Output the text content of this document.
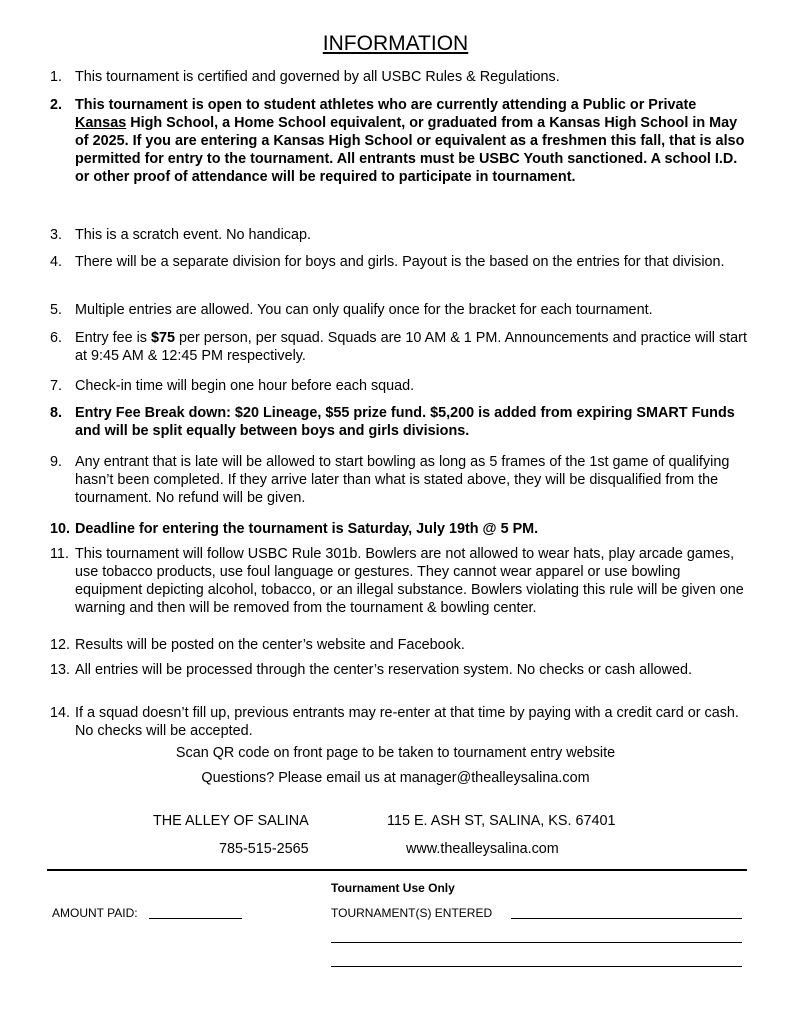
INFORMATION
1. This tournament is certified and governed by all USBC Rules & Regulations.
2. This tournament is open to student athletes who are currently attending a Public or Private Kansas High School, a Home School equivalent, or graduated from a Kansas High School in May of 2025. If you are entering a Kansas High School or equivalent as a freshmen this fall, that is also permitted for entry to the tournament. All entrants must be USBC Youth sanctioned. A school I.D. or other proof of attendance will be required to participate in tournament.
3. This is a scratch event. No handicap.
4. There will be a separate division for boys and girls. Payout is the based on the entries for that division.
5. Multiple entries are allowed. You can only qualify once for the bracket for each tournament.
6. Entry fee is $75 per person, per squad. Squads are 10 AM & 1 PM. Announcements and practice will start at 9:45 AM & 12:45 PM respectively.
7. Check-in time will begin one hour before each squad.
8. Entry Fee Break down: $20 Lineage, $55 prize fund. $5,200 is added from expiring SMART Funds and will be split equally between boys and girls divisions.
9. Any entrant that is late will be allowed to start bowling as long as 5 frames of the 1st game of qualifying hasn’t been completed. If they arrive later than what is stated above, they will be disqualified from the tournament. No refund will be given.
10. Deadline for entering the tournament is Saturday, July 19th @ 5 PM.
11. This tournament will follow USBC Rule 301b. Bowlers are not allowed to wear hats, play arcade games, use tobacco products, use foul language or gestures. They cannot wear apparel or use bowling equipment depicting alcohol, tobacco, or an illegal substance. Bowlers violating this rule will be given one warning and then will be removed from the tournament & bowling center.
12. Results will be posted on the center’s website and Facebook.
13. All entries will be processed through the center’s reservation system. No checks or cash allowed.
14. If a squad doesn’t fill up, previous entrants may re-enter at that time by paying with a credit card or cash. No checks will be accepted.
Scan QR code on front page to be taken to tournament entry website
Questions? Please email us at manager@thealleysalina.com
THE ALLEY OF SALINA	115 E. ASH ST, SALINA, KS. 67401
785-515-2565	www.thealleysalina.com
Tournament Use Only
AMOUNT PAID:	TOURNAMENT(S) ENTERED
